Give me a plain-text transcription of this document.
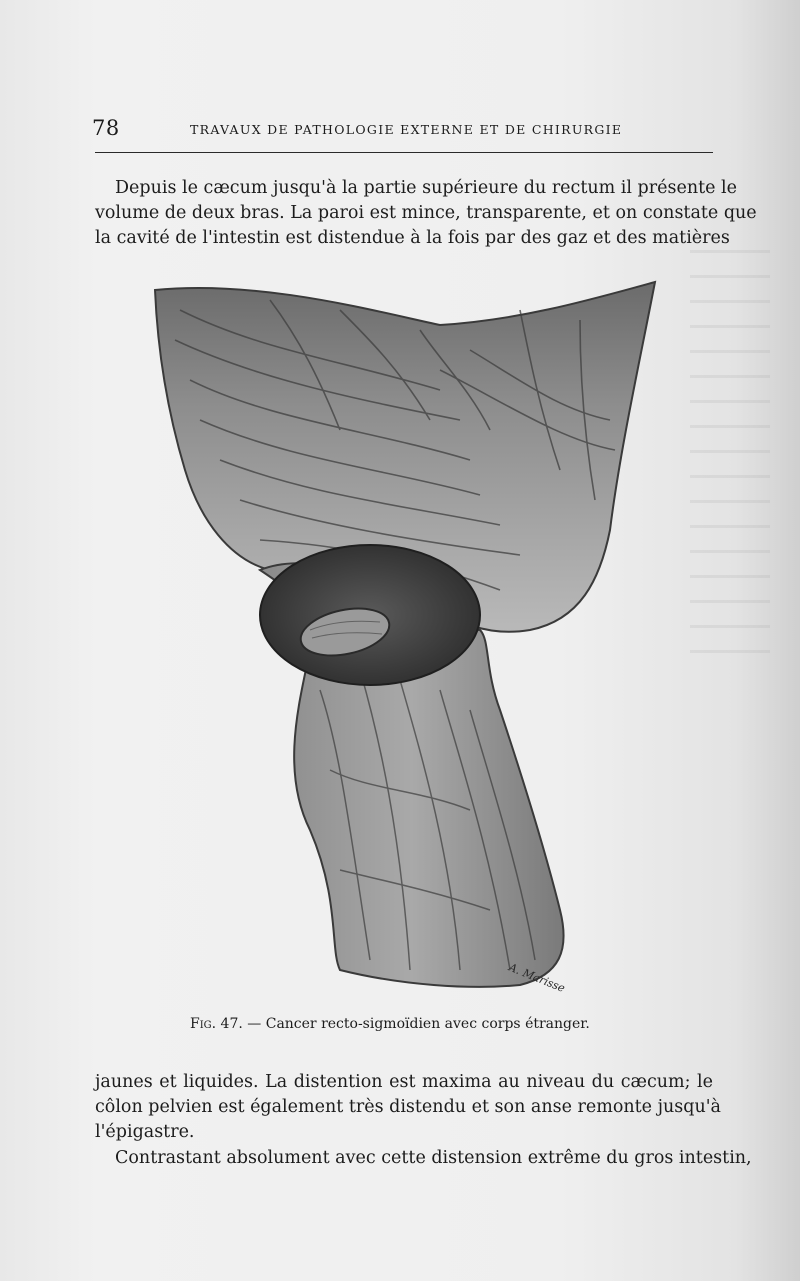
78	TRAVAUX DE PATHOLOGIE EXTERNE ET DE CHIRURGIE
Depuis le cæcum jusqu'à la partie supérieure du rectum il présente le
volume de deux bras. La paroi est mince, transparente, et on constate que
la cavité de l'intestin est distendue à la fois par des gaz et des matières
A. Marisse
Fig. 47. — Cancer recto-sigmoïdien avec corps étranger.
jaunes et liquides. La distention est maxima au niveau du cæcum; le
côlon pelvien est également très distendu et son anse remonte jusqu'à
l'épigastre.
Contrastant absolument avec cette distension extrême du gros intestin,
